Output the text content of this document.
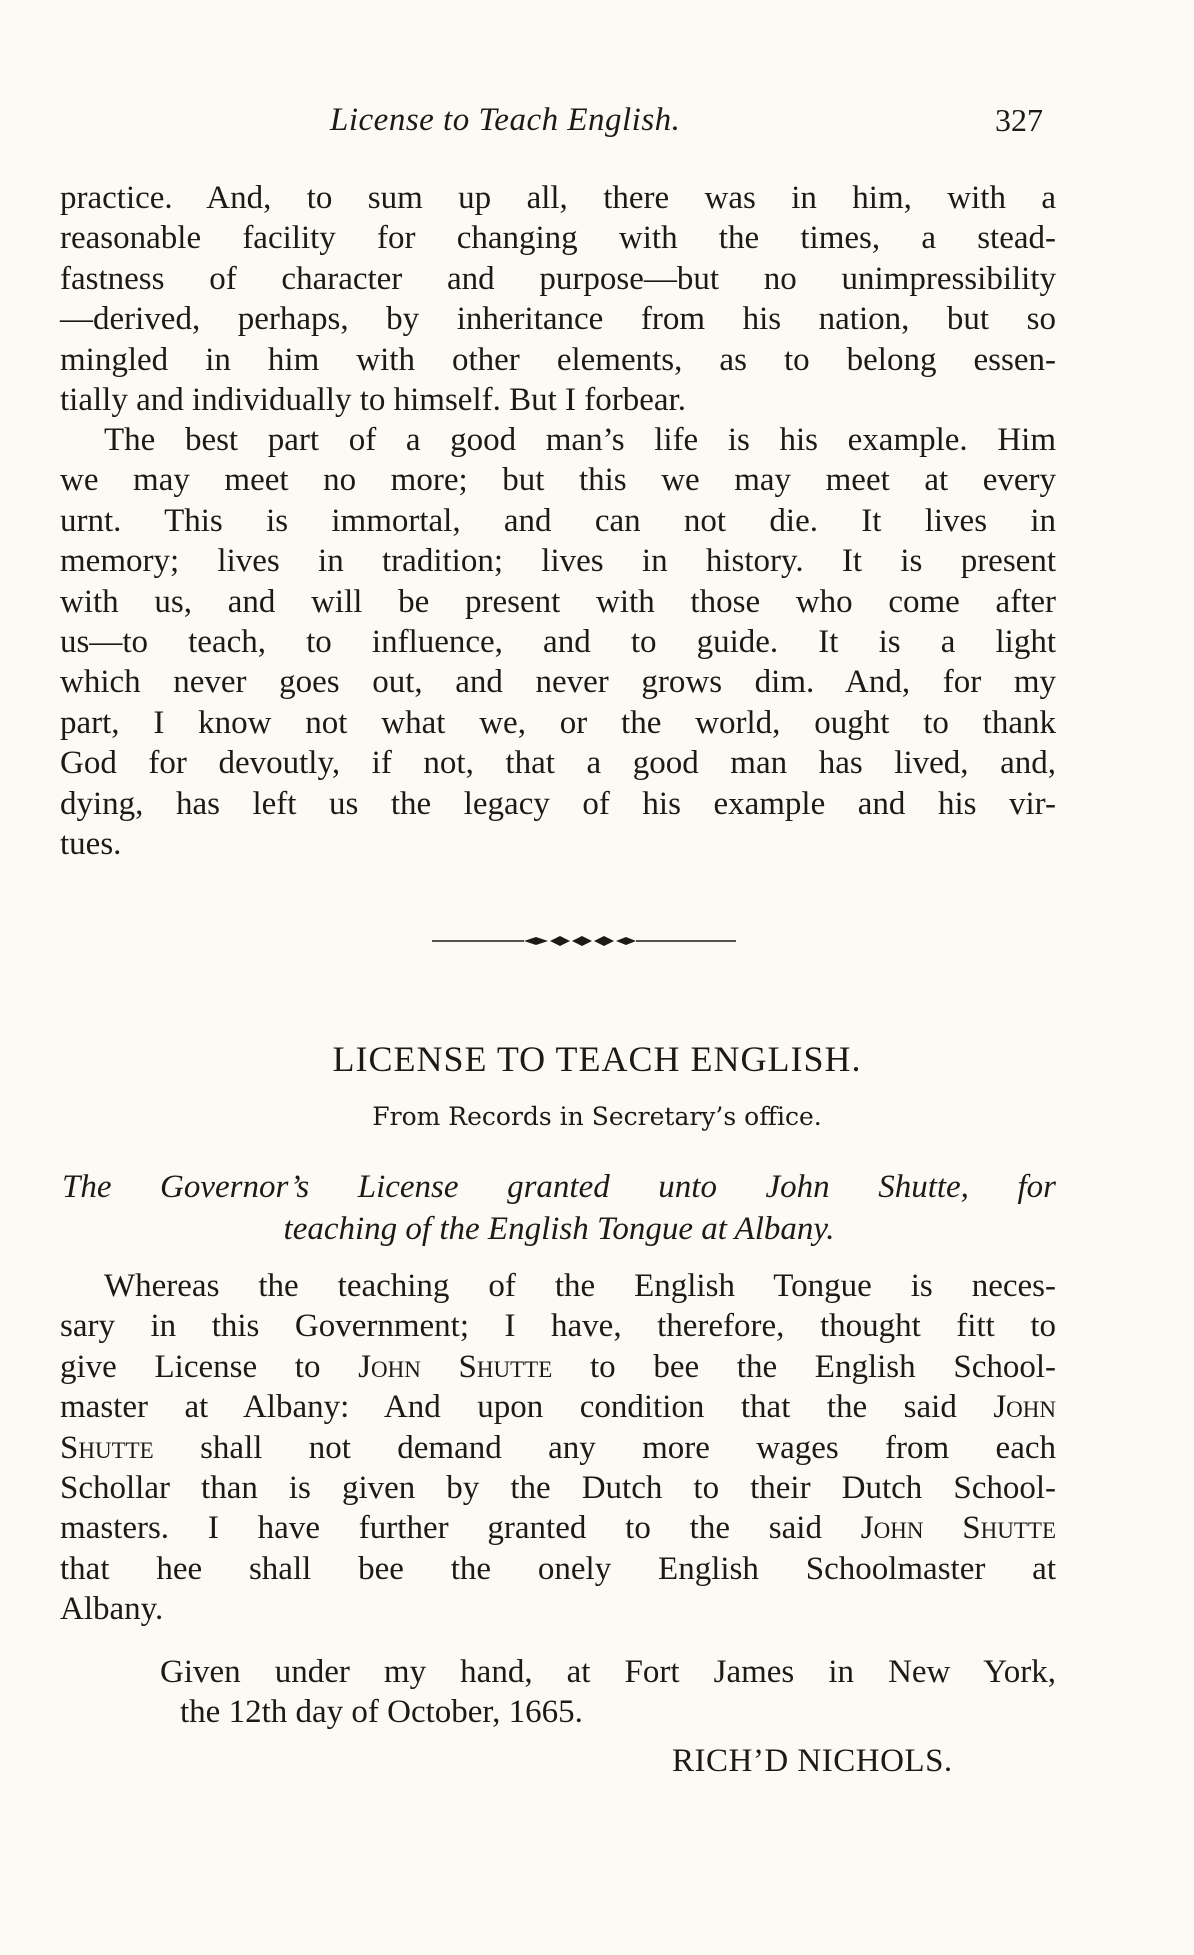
License to Teach English.	327
practice. And, to sum up all, there was in him, with a
reasonable facility for changing with the times, a stead-
fastness of character and purpose—but no unimpressibility
—derived, perhaps, by inheritance from his nation, but so
mingled in him with other elements, as to belong essen-
tially and individually to himself. But I forbear.
The best part of a good man’s life is his example. Him
we may meet no more; but this we may meet at every
urnt. This is immortal, and can not die. It lives in
memory; lives in tradition; lives in history. It is present
with us, and will be present with those who come after
us—to teach, to influence, and to guide. It is a light
which never goes out, and never grows dim. And, for my
part, I know not what we, or the world, ought to thank
God for devoutly, if not, that a good man has lived, and,
dying, has left us the legacy of his example and his vir-
tues.
LICENSE TO TEACH ENGLISH.
From Records in Secretary’s office.
The Governor’s License granted unto John Shutte, for
teaching of the English Tongue at Albany.
Whereas the teaching of the English Tongue is neces-
sary in this Government; I have, therefore, thought fitt to
give License to John Shutte to bee the English School-
master at Albany: And upon condition that the said John
Shutte shall not demand any more wages from each
Schollar than is given by the Dutch to their Dutch School-
masters. I have further granted to the said John Shutte
that hee shall bee the onely English Schoolmaster at
Albany.
Given under my hand, at Fort James in New York,
the 12th day of October, 1665.
RICH’D NICHOLS.
